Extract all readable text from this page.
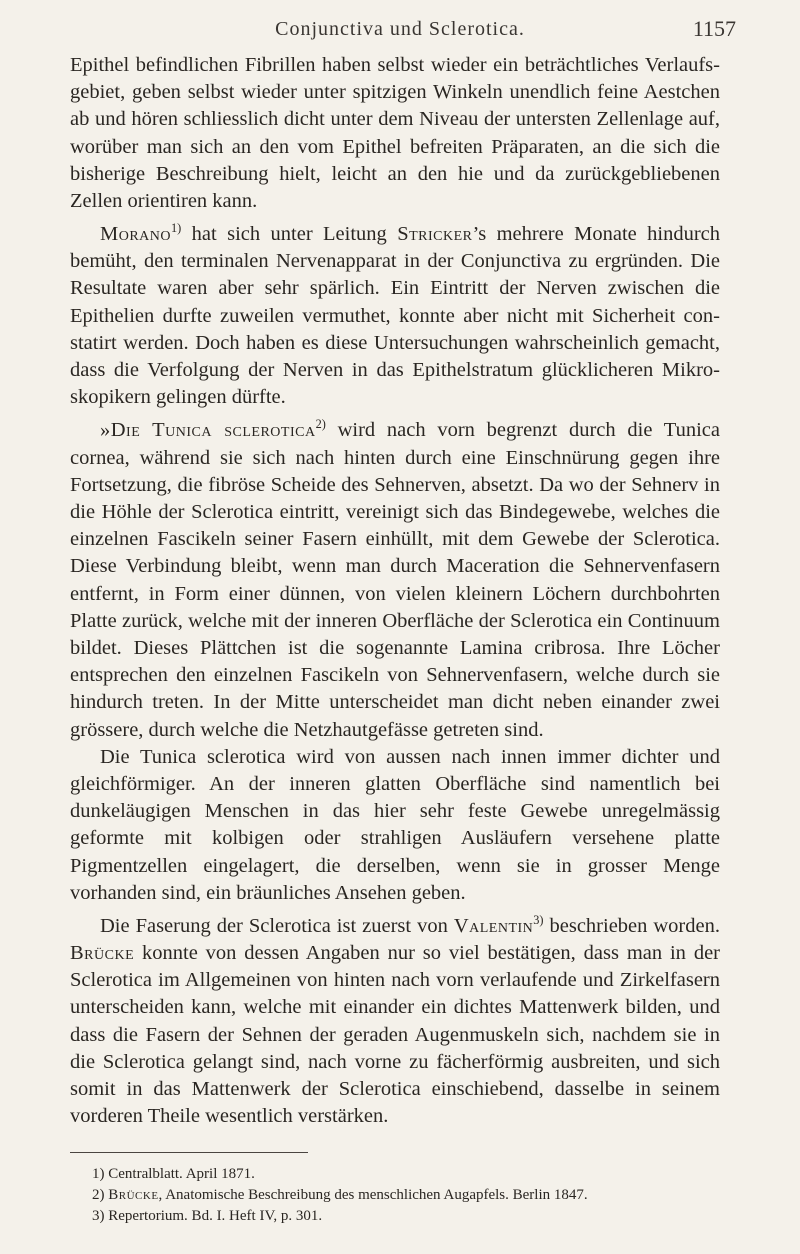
Conjunctiva und Sclerotica.	1157

Epithel befindlichen Fibrillen haben selbst wieder ein beträchtliches Verlaufsgebiet, geben selbst wieder unter spitzigen Winkeln unendlich feine Aestchen ab und hören schliesslich dicht unter dem Niveau der untersten Zellenlage auf, worüber man sich an den vom Epithel befreiten Präparaten, an die sich die bisherige Beschreibung hielt, leicht an den hie und da zurückgebliebenen Zellen orientiren kann.

Morano$^{1)}$ hat sich unter Leitung Stricker’s mehrere Monate hindurch bemüht, den terminalen Nervenapparat in der Conjunctiva zu ergründen. Die Resultate waren aber sehr spärlich. Ein Eintritt der Nerven zwischen die Epithelien durfte zuweilen vermuthet, konnte aber nicht mit Sicherheit constatirt werden. Doch haben es diese Untersuchungen wahrscheinlich gemacht, dass die Verfolgung der Nerven in das Epithelstratum glücklicheren Mikroskopikern gelingen dürfte.

»Die Tunica sclerotica$^{2)}$ wird nach vorn begrenzt durch die Tunica cornea, während sie sich nach hinten durch eine Einschnürung gegen ihre Fortsetzung, die fibröse Scheide des Sehnerven, absetzt. Da wo der Sehnerv in die Höhle der Sclerotica eintritt, vereinigt sich das Bindegewebe, welches die einzelnen Fascikeln seiner Fasern einhüllt, mit dem Gewebe der Sclerotica. Diese Verbindung bleibt, wenn man durch Maceration die Sehnervenfasern entfernt, in Form einer dünnen, von vielen kleinern Löchern durchbohrten Platte zurück, welche mit der inneren Oberfläche der Sclerotica ein Continuum bildet. Dieses Plättchen ist die sogenannte Lamina cribrosa. Ihre Löcher entsprechen den einzelnen Fascikeln von Sehnervenfasern, welche durch sie hindurch treten. In der Mitte unterscheidet man dicht neben einander zwei grössere, durch welche die Netzhautgefässe getreten sind.

Die Tunica sclerotica wird von aussen nach innen immer dichter und gleichförmiger. An der inneren glatten Oberfläche sind namentlich bei dunkeläugigen Menschen in das hier sehr feste Gewebe unregelmässig geformte mit kolbigen oder strahligen Ausläufern versehene platte Pigmentzellen eingelagert, die derselben, wenn sie in grosser Menge vorhanden sind, ein bräunliches Ansehen geben.

Die Faserung der Sclerotica ist zuerst von Valentin$^{3)}$ beschrieben worden. Brücke konnte von dessen Angaben nur so viel bestätigen, dass man in der Sclerotica im Allgemeinen von hinten nach vorn verlaufende und Zirkelfasern unterscheiden kann, welche mit einander ein dichtes Mattenwerk bilden, und dass die Fasern der Sehnen der geraden Augenmuskeln sich, nachdem sie in die Sclerotica gelangt sind, nach vorne zu fächerförmig ausbreiten, und sich somit in das Mattenwerk der Sclerotica einschiebend, dasselbe in seinem vorderen Theile wesentlich verstärken.

1) Centralblatt. April 1871.
2) Brücke, Anatomische Beschreibung des menschlichen Augapfels. Berlin 1847.
3) Repertorium. Bd. I. Heft IV, p. 301.
